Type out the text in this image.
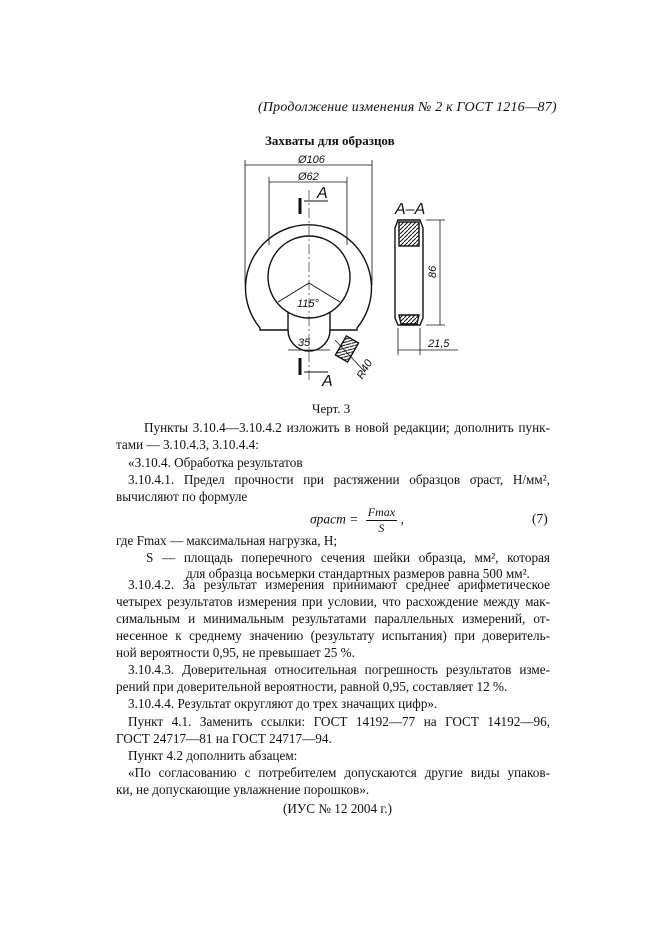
(Продолжение изменения № 2 к ГОСТ 1216—87)
Захваты для образцов
Ø106
Ø62
115°
35
R40
86
21,5
А–А
А
А
Черт. 3
Пункты 3.10.4—3.10.4.2 изложить в новой редакции; дополнить пунк-
тами — 3.10.4.3, 3.10.4.4:
«3.10.4. Обработка результатов
3.10.4.1. Предел прочности при растяжении образцов σраст, Н/мм²,
вычисляют по формуле
σраст = $\frac{Fmax}{S}$ ,	(7)
где Fmax — максимальная нагрузка, Н;
S — площадь поперечного сечения шейки образца, мм², которая
для образца восьмерки стандартных размеров равна 500 мм².
3.10.4.2. За результат измерения принимают среднее арифметическое
четырех результатов измерения при условии, что расхождение между мак-
симальным и минимальным результатами параллельных измерений, от-
несенное к среднему значению (результату испытания) при доверитель-
ной вероятности 0,95, не превышает 25 %.
3.10.4.3. Доверительная относительная погрешность результатов изме-
рений при доверительной вероятности, равной 0,95, составляет 12 %.
3.10.4.4. Результат округляют до трех значащих цифр».
Пункт 4.1. Заменить ссылки: ГОСТ 14192—77 на ГОСТ 14192—96,
ГОСТ 24717—81 на ГОСТ 24717—94.
Пункт 4.2 дополнить абзацем:
«По согласованию с потребителем допускаются другие виды упаков-
ки, не допускающие увлажнение порошков».
(ИУС № 12 2004 г.)
